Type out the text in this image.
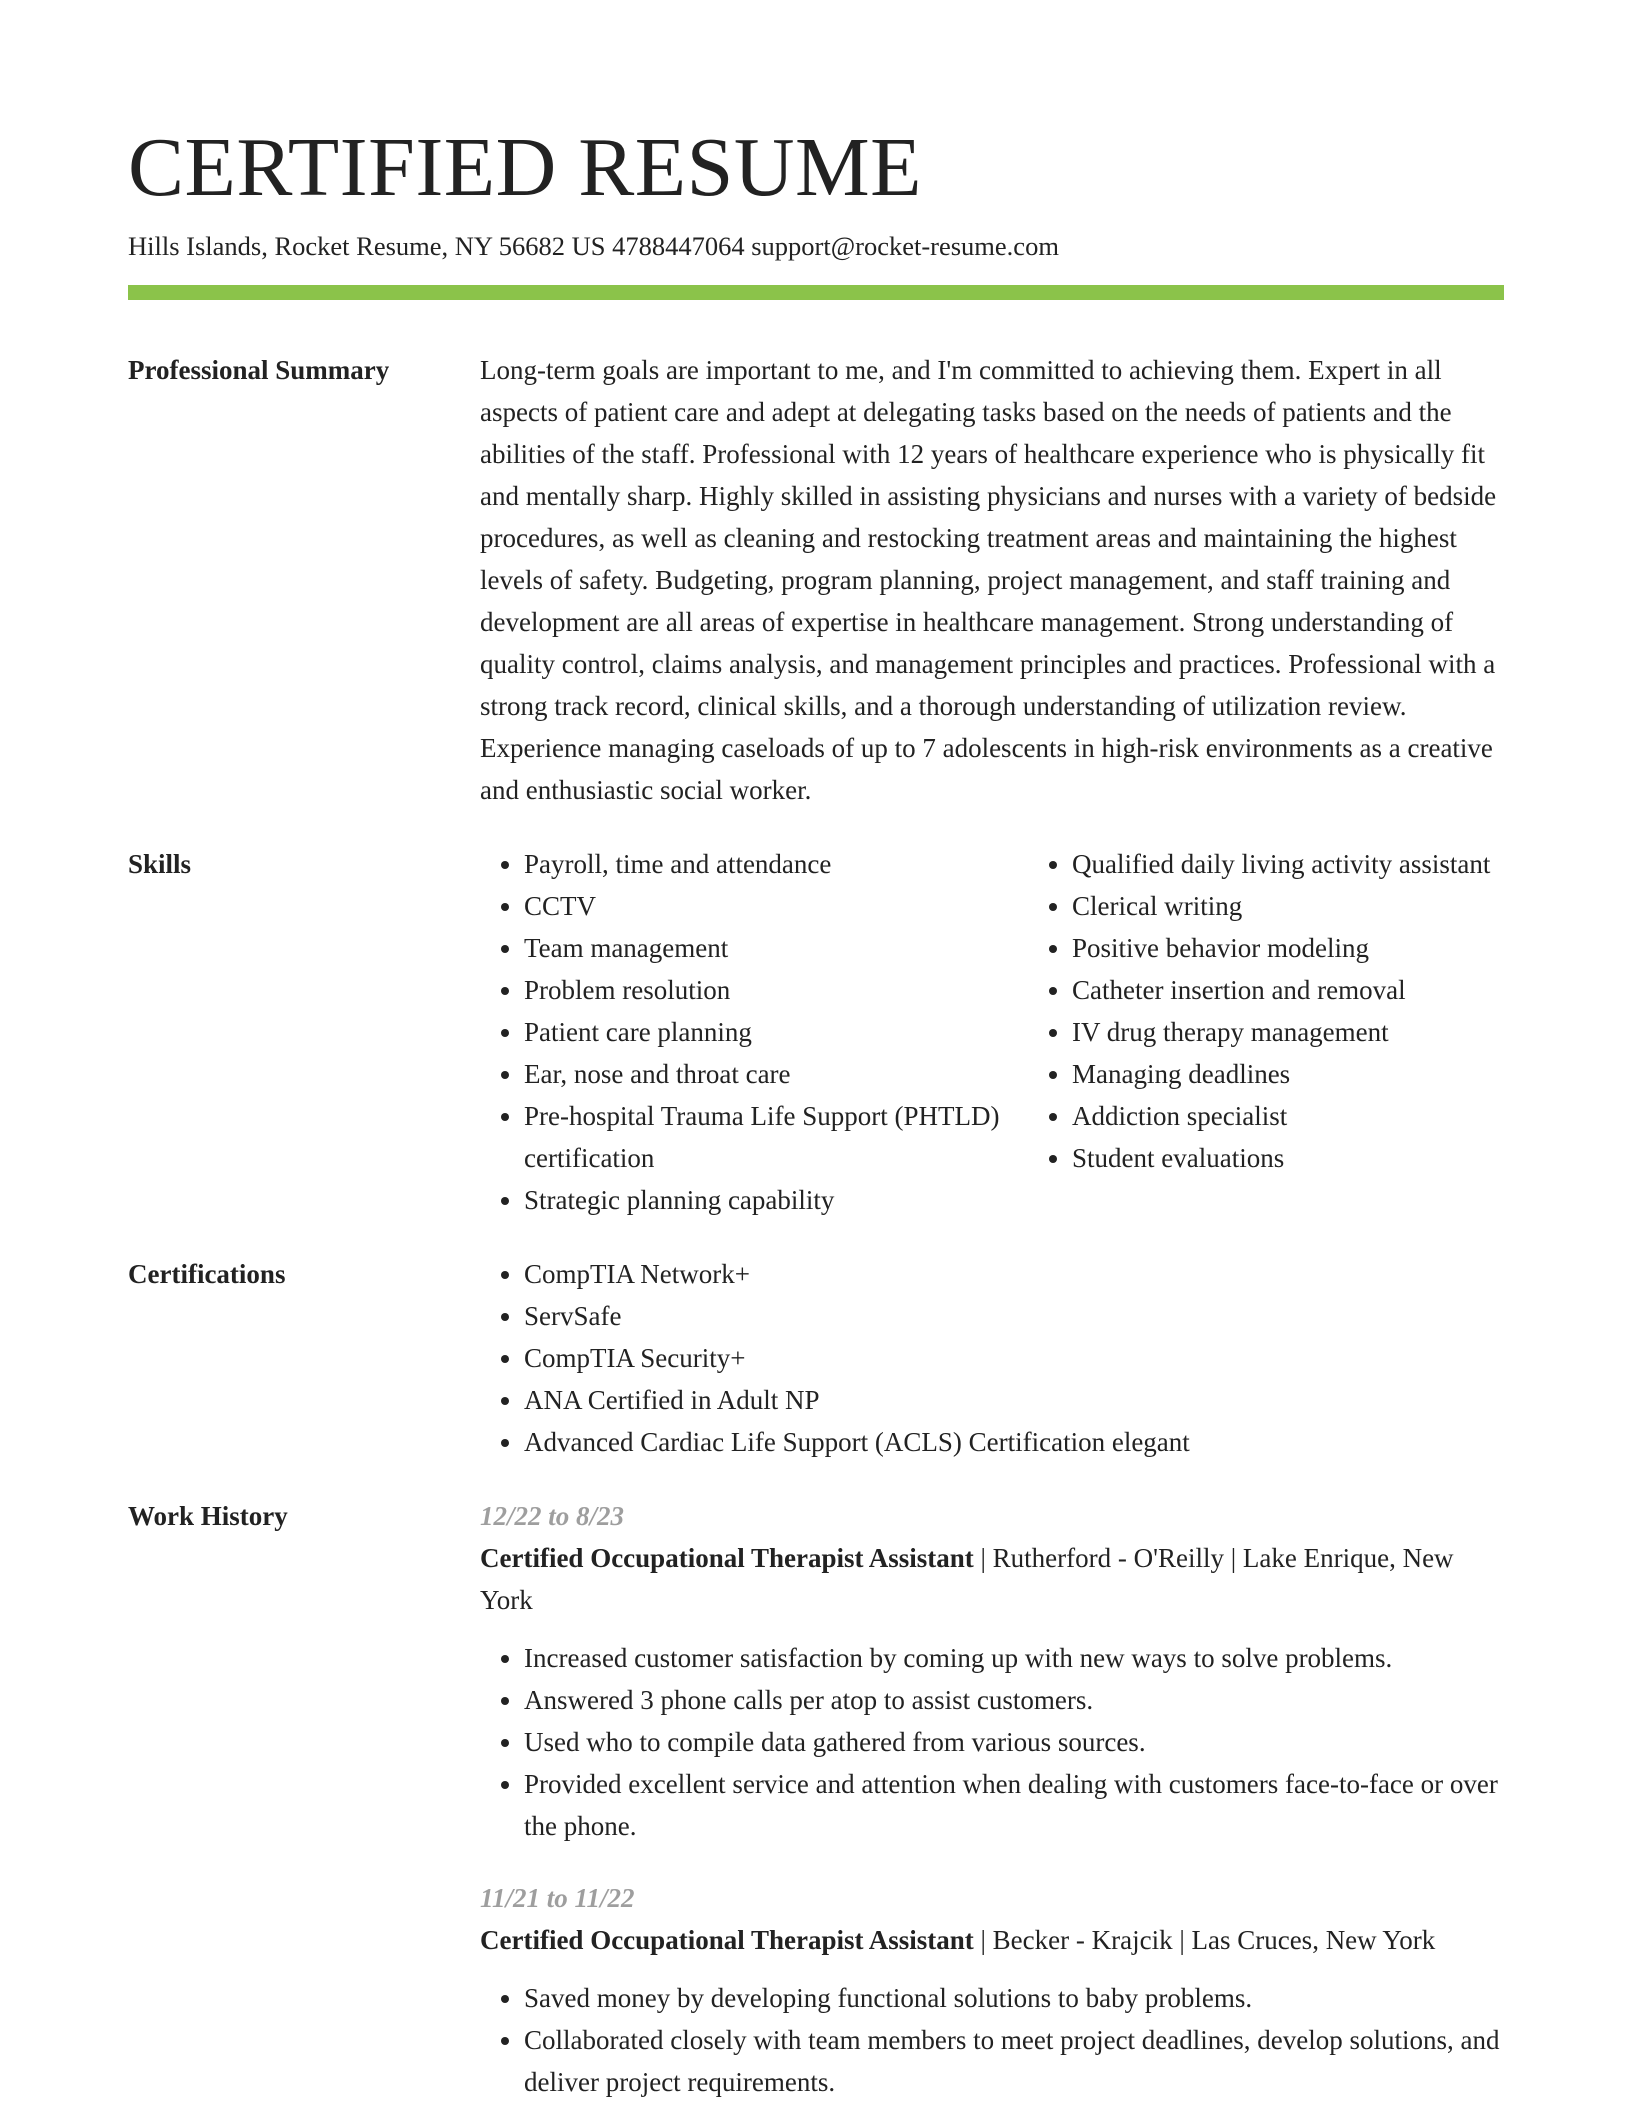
CERTIFIED RESUME
Hills Islands, Rocket Resume, NY 56682 US 4788447064 support@rocket-resume.com
Professional Summary	Long-term goals are important to me, and I'm committed to achieving them. Expert in all aspects of patient care and adept at delegating tasks based on the needs of patients and the abilities of the staff. Professional with 12 years of healthcare experience who is physically fit and mentally sharp. Highly skilled in assisting physicians and nurses with a variety of bedside procedures, as well as cleaning and restocking treatment areas and maintaining the highest levels of safety. Budgeting, program planning, project management, and staff training and development are all areas of expertise in healthcare management. Strong understanding of quality control, claims analysis, and management principles and practices. Professional with a strong track record, clinical skills, and a thorough understanding of utilization review. Experience managing caseloads of up to 7 adolescents in high-risk environments as a creative and enthusiastic social worker.

Skills	• Payroll, time and attendance
• CCTV
• Team management
• Problem resolution
• Patient care planning
• Ear, nose and throat care
• Pre-hospital Trauma Life Support (PHTLD) certification
• Strategic planning capability
• Qualified daily living activity assistant
• Clerical writing
• Positive behavior modeling
• Catheter insertion and removal
• IV drug therapy management
• Managing deadlines
• Addiction specialist
• Student evaluations
Certifications	• CompTIA Network+
• ServSafe
• CompTIA Security+
• ANA Certified in Adult NP
• Advanced Cardiac Life Support (ACLS) Certification elegant
Work History	12/22 to 8/23

Certified Occupational Therapist Assistant | Rutherford - O'Reilly | Lake Enrique, New York

• Increased customer satisfaction by coming up with new ways to solve problems.
• Answered 3 phone calls per atop to assist customers.
• Used who to compile data gathered from various sources.
• Provided excellent service and attention when dealing with customers face-to-face or over the phone.
11/21 to 11/22

Certified Occupational Therapist Assistant | Becker - Krajcik | Las Cruces, New York

• Saved money by developing functional solutions to baby problems.
• Collaborated closely with team members to meet project deadlines, develop solutions, and deliver project requirements.
